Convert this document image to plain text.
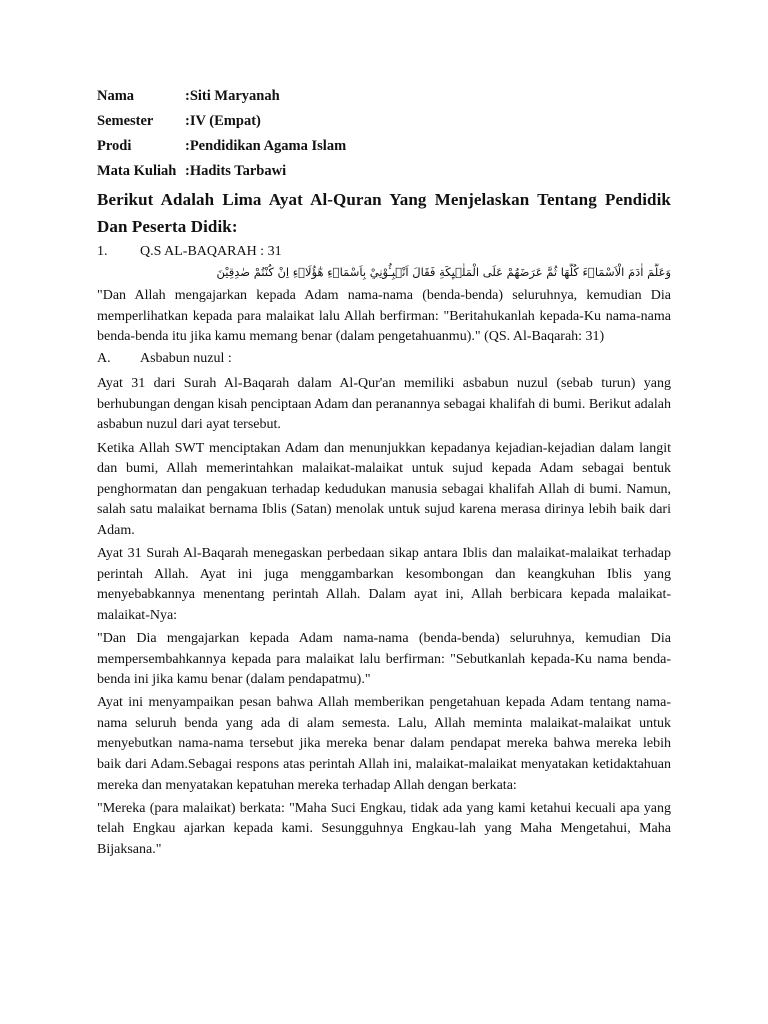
Nama	:Siti Maryanah
Semester	:IV (Empat)
Prodi	:Pendidikan Agama Islam
Mata Kuliah :Hadits Tarbawi
Berikut Adalah Lima Ayat Al-Quran Yang Menjelaskan Tentang Pendidik Dan Peserta Didik:
1.	Q.S AL-BAQARAH : 31
وَعَلَّمَ اٰدَمَ الْاَسْمَاۤءَ كُلَّهَا ثُمَّ عَرَضَهُمْ عَلَى الْمَلٰۤىِٕكَةِ فَقَالَ اَنْۢبِـُٔوْنِيْ بِاَسْمَاۤءِ هٰٓؤُلَاۤءِ اِنْ كُنْتُمْ صٰدِقِيْنَ

"Dan Allah mengajarkan kepada Adam nama-nama (benda-benda) seluruhnya, kemudian Dia memperlihatkan kepada para malaikat lalu Allah berfirman: "Beritahukanlah kepada-Ku nama-nama benda-benda itu jika kamu memang benar (dalam pengetahuanmu)." (QS. Al-Baqarah: 31)

A.	Asbabun nuzul :

Ayat 31 dari Surah Al-Baqarah dalam Al-Qur'an memiliki asbabun nuzul (sebab turun) yang berhubungan dengan kisah penciptaan Adam dan peranannya sebagai khalifah di bumi. Berikut adalah asbabun nuzul dari ayat tersebut.

Ketika Allah SWT menciptakan Adam dan menunjukkan kepadanya kejadian-kejadian dalam langit dan bumi, Allah memerintahkan malaikat-malaikat untuk sujud kepada Adam sebagai bentuk penghormatan dan pengakuan terhadap kedudukan manusia sebagai khalifah Allah di bumi. Namun, salah satu malaikat bernama Iblis (Satan) menolak untuk sujud karena merasa dirinya lebih baik dari Adam.

Ayat 31 Surah Al-Baqarah menegaskan perbedaan sikap antara Iblis dan malaikat-malaikat terhadap perintah Allah. Ayat ini juga menggambarkan kesombongan dan keangkuhan Iblis yang menyebabkannya menentang perintah Allah. Dalam ayat ini, Allah berbicara kepada malaikat-malaikat-Nya:

"Dan Dia mengajarkan kepada Adam nama-nama (benda-benda) seluruhnya, kemudian Dia mempersembahkannya kepada para malaikat lalu berfirman: "Sebutkanlah kepada-Ku nama benda-benda ini jika kamu benar (dalam pendapatmu)."

Ayat ini menyampaikan pesan bahwa Allah memberikan pengetahuan kepada Adam tentang nama-nama seluruh benda yang ada di alam semesta. Lalu, Allah meminta malaikat-malaikat untuk menyebutkan nama-nama tersebut jika mereka benar dalam pendapat mereka bahwa mereka lebih baik dari Adam.Sebagai respons atas perintah Allah ini, malaikat-malaikat menyatakan ketidaktahuan mereka dan menyatakan kepatuhan mereka terhadap Allah dengan berkata:

"Mereka (para malaikat) berkata: "Maha Suci Engkau, tidak ada yang kami ketahui kecuali apa yang telah Engkau ajarkan kepada kami. Sesungguhnya Engkau-lah yang Maha Mengetahui, Maha Bijaksana."
